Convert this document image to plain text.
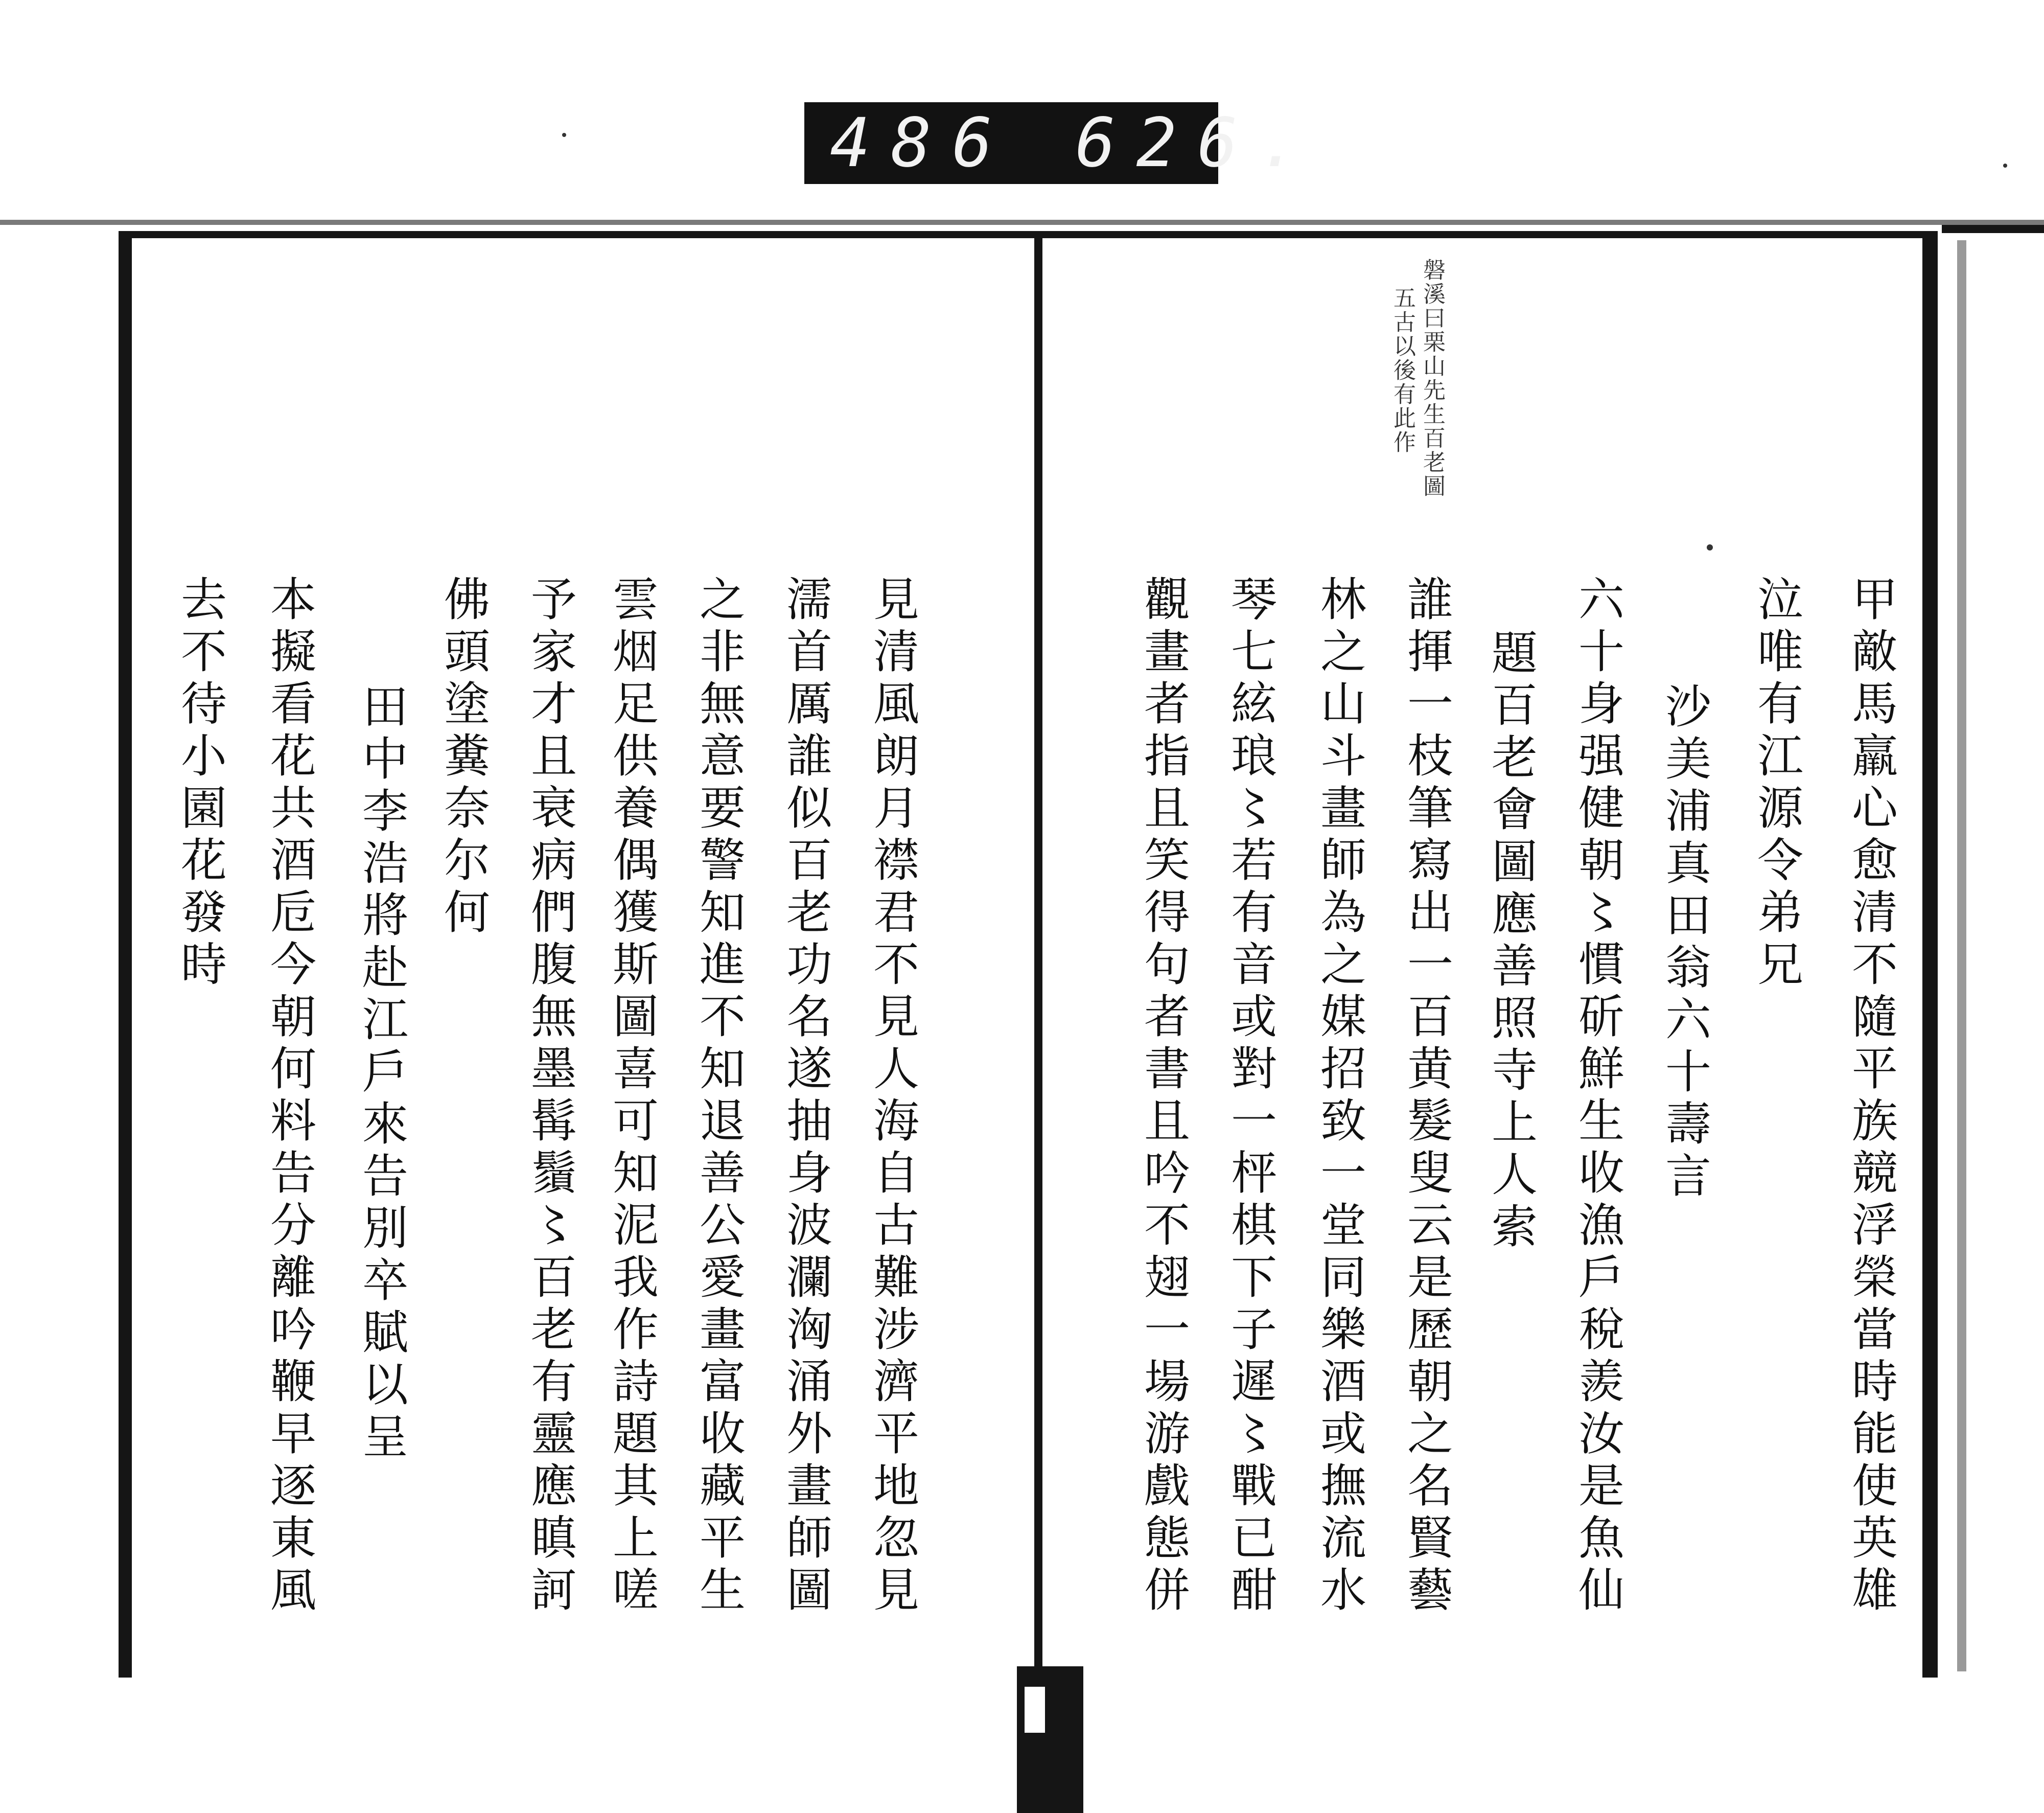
486 626.
甲敵馬羸心愈清不隨平族競浮榮當時能使英雄
泣唯有江源令弟兄
沙美浦真田翁六十壽言
六十身强健朝〻慣斫鮮生收漁戶稅羨汝是魚仙
題百老會圖應善照寺上人索
誰揮一枝筆寫出一百黄髮叟云是歷朝之名賢藝
林之山斗畫師為之媒招致一堂同樂酒或撫流水
琴七絃琅〻若有音或對一枰棋下子遲〻戰已酣
觀畫者指且笑得句者書且吟不翅一場游戲態併
磐溪曰栗山先生百老圖
五古以後有此作
見清風朗月襟君不見人海自古難涉濟平地忽見
濡首厲誰似百老功名遂抽身波瀾洶涌外畫師圖
之非無意要警知進不知退善公愛畫富收藏平生
雲烟足供養偶獲斯圖喜可知泥我作詩題其上嗟
予家才且衰病們腹無墨髯鬚〻百老有靈應瞋訶
佛頭塗糞奈尔何
田中李浩將赴江戶來告別卒賦以呈
本擬看花共酒卮今朝何料告分離吟鞭早逐東風
去不待小園花發時
